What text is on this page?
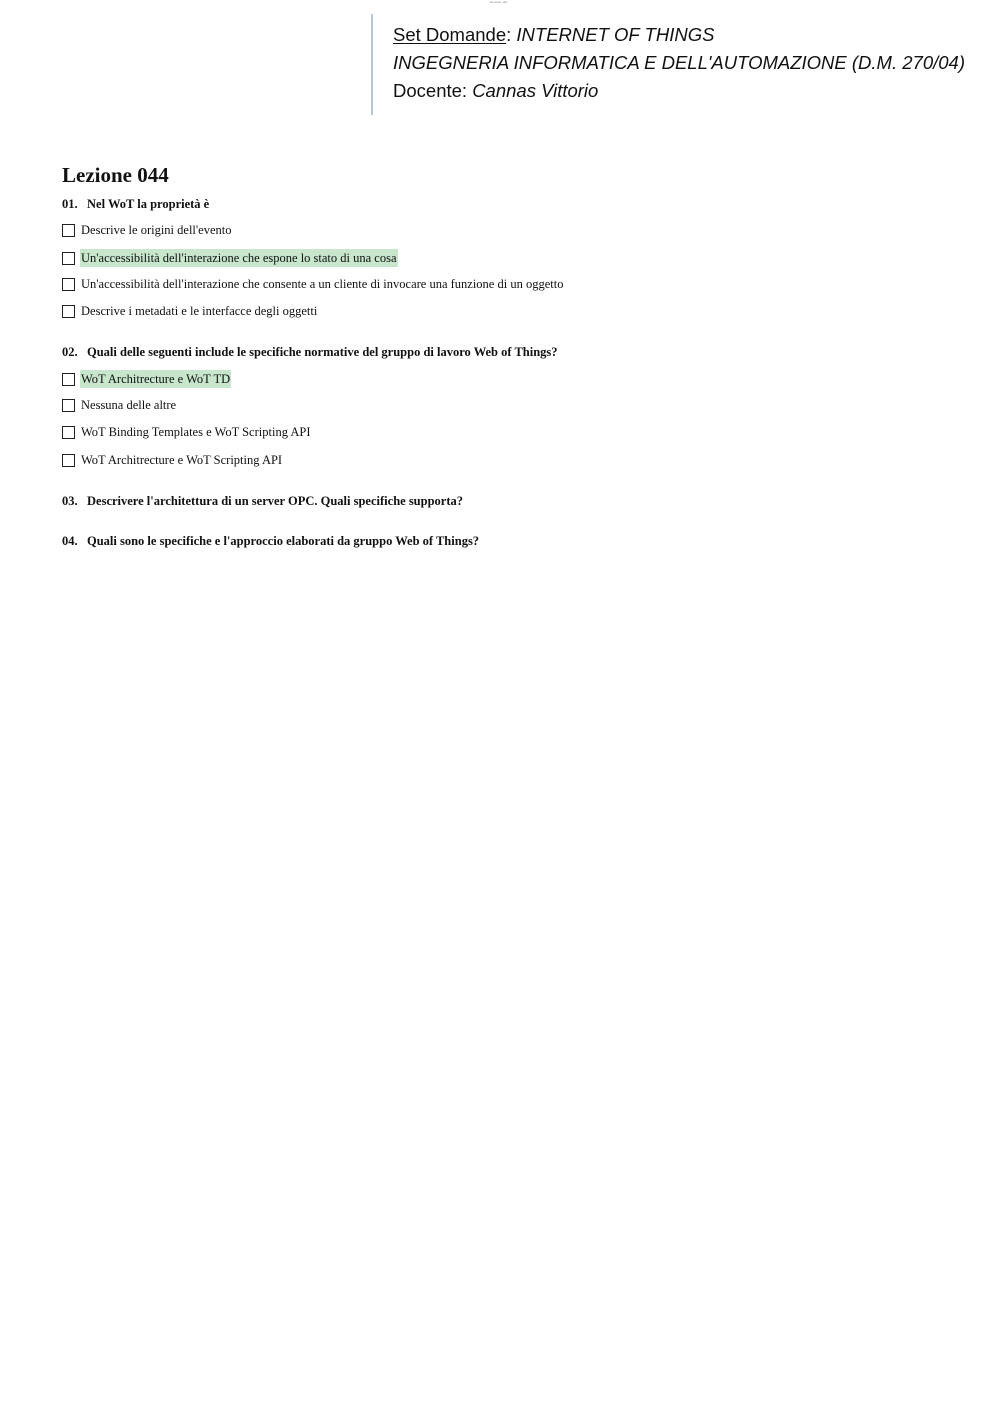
Docente: abc
Set Domande: INTERNET OF THINGS
INGEGNERIA INFORMATICA E DELL'AUTOMAZIONE (D.M. 270/04)
Docente: Cannas Vittorio
Lezione 044
01. Nel WoT la proprietà è
Descrive le origini dell'evento
Un'accessibilità dell'interazione che espone lo stato di una cosa
Un'accessibilità dell'interazione che consente a un cliente di invocare una funzione di un oggetto
Descrive i metadati e le interfacce degli oggetti
02. Quali delle seguenti include le specifiche normative del gruppo di lavoro Web of Things?
WoT Architrecture e WoT TD
Nessuna delle altre
WoT Binding Templates e WoT Scripting API
WoT Architrecture e WoT Scripting API
03. Descrivere l'architettura di un server OPC. Quali specifiche supporta?
04. Quali sono le specifiche e l'approccio elaborati da gruppo Web of Things?
